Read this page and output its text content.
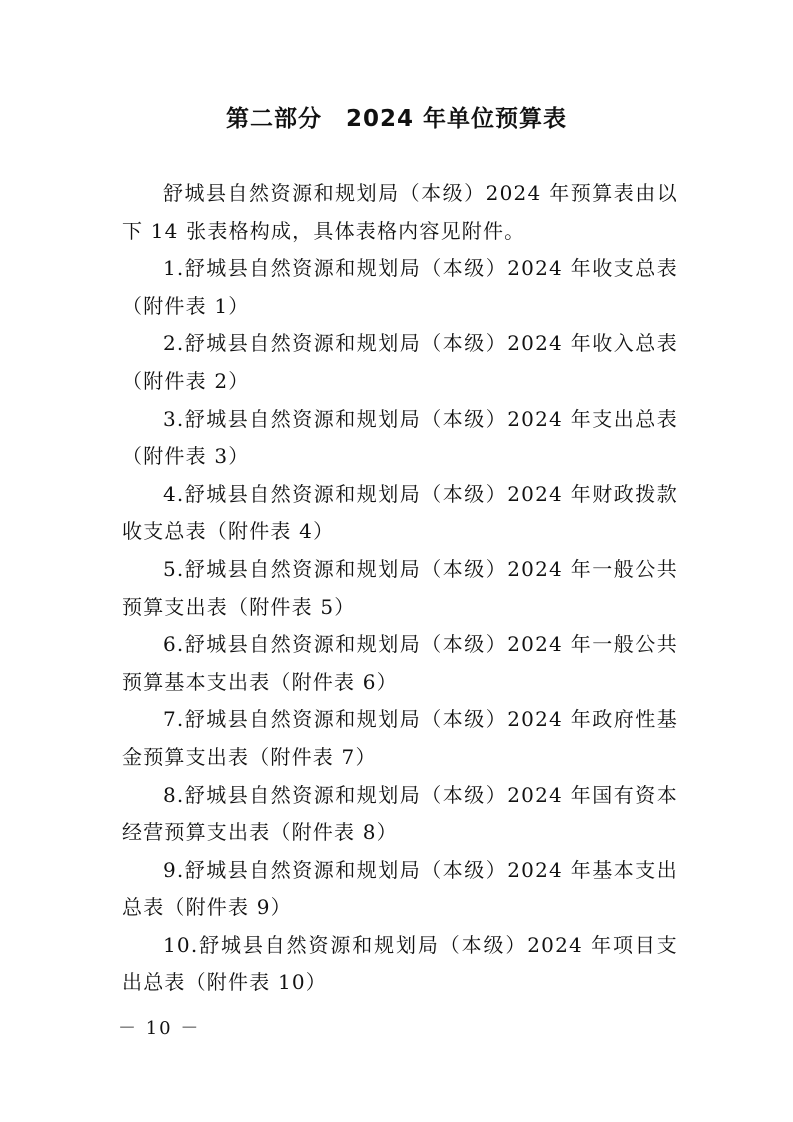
第二部分　2024 年单位预算表

舒城县自然资源和规划局（本级）2024 年预算表由以下 14 张表格构成，具体表格内容见附件。

1.舒城县自然资源和规划局（本级）2024 年收支总表（附件表 1）

2.舒城县自然资源和规划局（本级）2024 年收入总表（附件表 2）

3.舒城县自然资源和规划局（本级）2024 年支出总表（附件表 3）

4.舒城县自然资源和规划局（本级）2024 年财政拨款收支总表（附件表 4）

5.舒城县自然资源和规划局（本级）2024 年一般公共预算支出表（附件表 5）

6.舒城县自然资源和规划局（本级）2024 年一般公共预算基本支出表（附件表 6）

7.舒城县自然资源和规划局（本级）2024 年政府性基金预算支出表（附件表 7）

8.舒城县自然资源和规划局（本级）2024 年国有资本经营预算支出表（附件表 8）

9.舒城县自然资源和规划局（本级）2024 年基本支出总表（附件表 9）

10.舒城县自然资源和规划局（本级）2024 年项目支出总表（附件表 10）

－ 10 －
